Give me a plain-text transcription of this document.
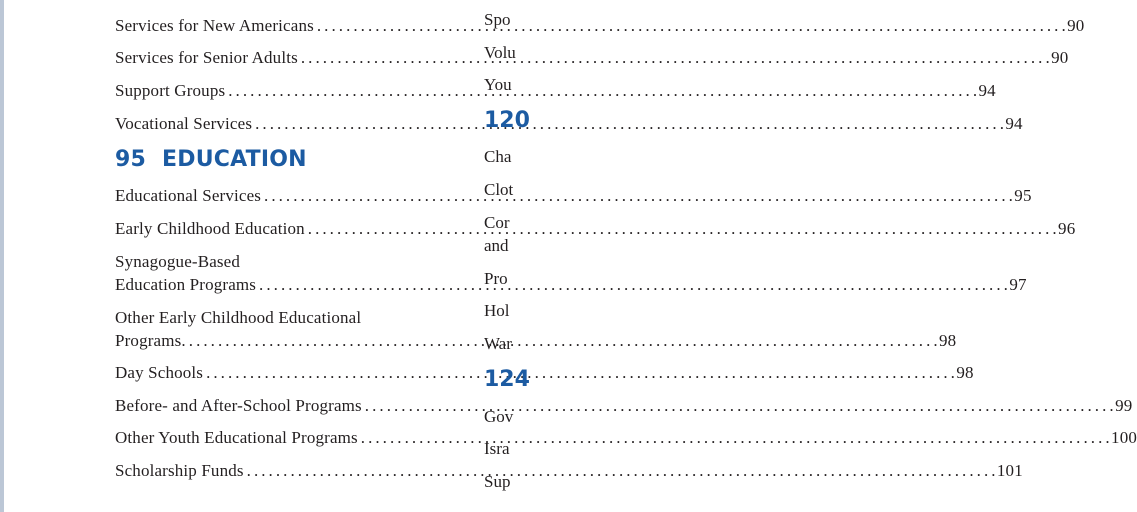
Services for New Americans . . .	90
Services for Senior Adults . . .	90
Support Groups . . .	94
Vocational Services . . .	94
95 EDUCATION
Educational Services . . .	95
Early Childhood Education . . .	96
Synagogue-Based
Education Programs . . .	97
Other Early Childhood Educational
Programs. . . .	98
Day Schools . . .	98
Before- and After-School Programs . . .	99
Other Youth Educational Programs . . .	100
Scholarship Funds . . .	101
Spo
Volu
You
120
Cha
Clot
Cor
and
Pro
Hol
War
124
Gov
Isra
Sup
